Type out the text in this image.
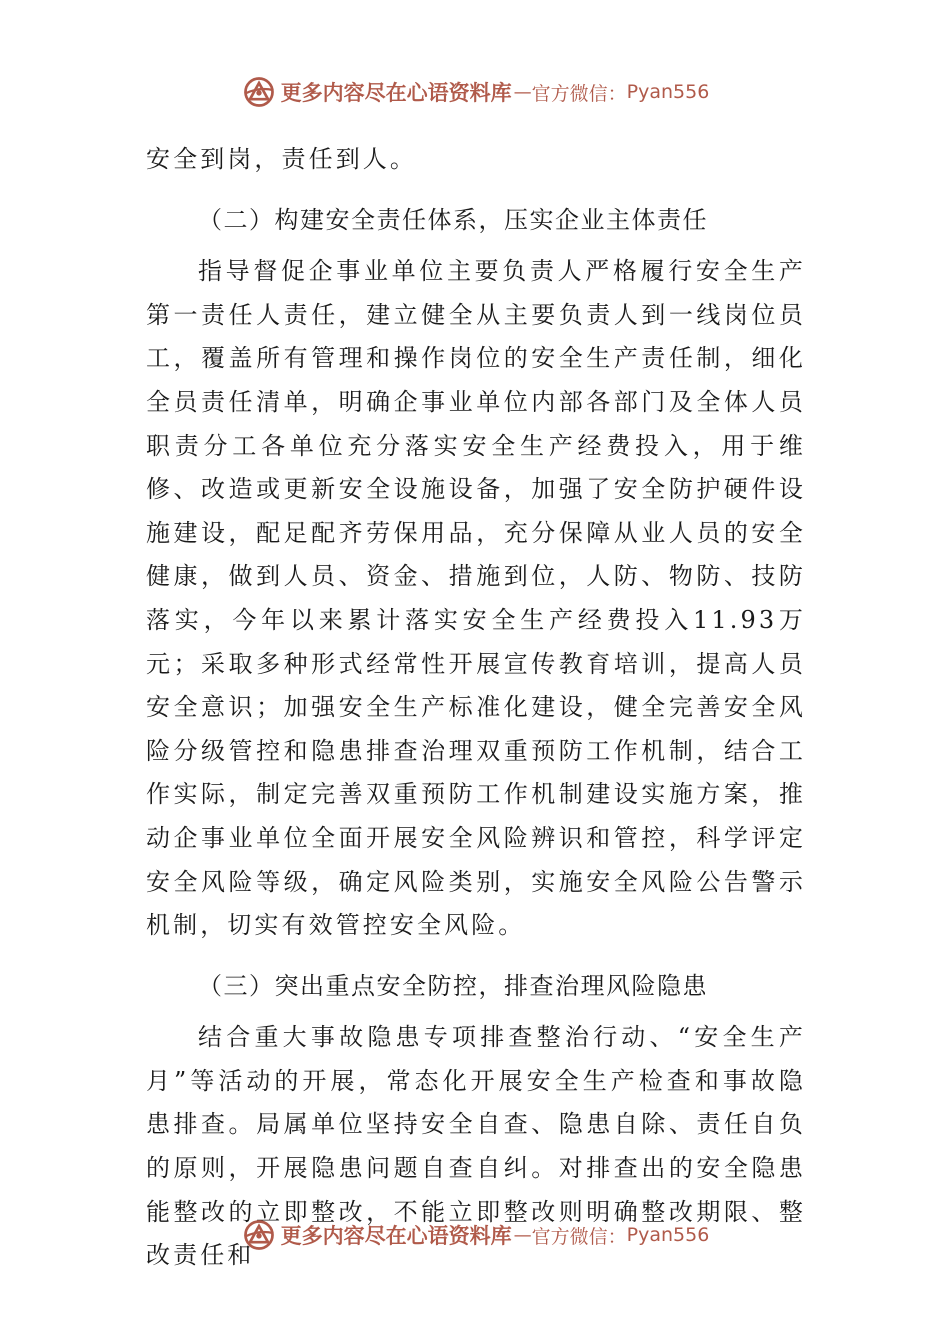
更多内容尽在心语资料库 — 官方微信： Pyan556

安全到岗，责任到人。

（二）构建安全责任体系，压实企业主体责任

指导督促企事业单位主要负责人严格履行安全生产第一责任人责任，建立健全从主要负责人到一线岗位员工，覆盖所有管理和操作岗位的安全生产责任制，细化全员责任清单，明确企事业单位内部各部门及全体人员职责分工各单位充分落实安全生产经费投入，用于维修、改造或更新安全设施设备，加强了安全防护硬件设施建设，配足配齐劳保用品，充分保障从业人员的安全健康，做到人员、资金、措施到位，人防、物防、技防落实，今年以来累计落实安全生产经费投入11.93万元；采取多种形式经常性开展宣传教育培训，提高人员安全意识；加强安全生产标准化建设，健全完善安全风险分级管控和隐患排查治理双重预防工作机制，结合工作实际，制定完善双重预防工作机制建设实施方案，推动企事业单位全面开展安全风险辨识和管控，科学评定安全风险等级，确定风险类别，实施安全风险公告警示机制，切实有效管控安全风险。

（三）突出重点安全防控，排查治理风险隐患

结合重大事故隐患专项排查整治行动、“安全生产月”等活动的开展，常态化开展安全生产检查和事故隐患排查。局属单位坚持安全自查、隐患自除、责任自负的原则，开展隐患问题自查自纠。对排查出的安全隐患能整改的立即整改，不能立即整改则明确整改期限、整改责任和

更多内容尽在心语资料库 — 官方微信： Pyan556
